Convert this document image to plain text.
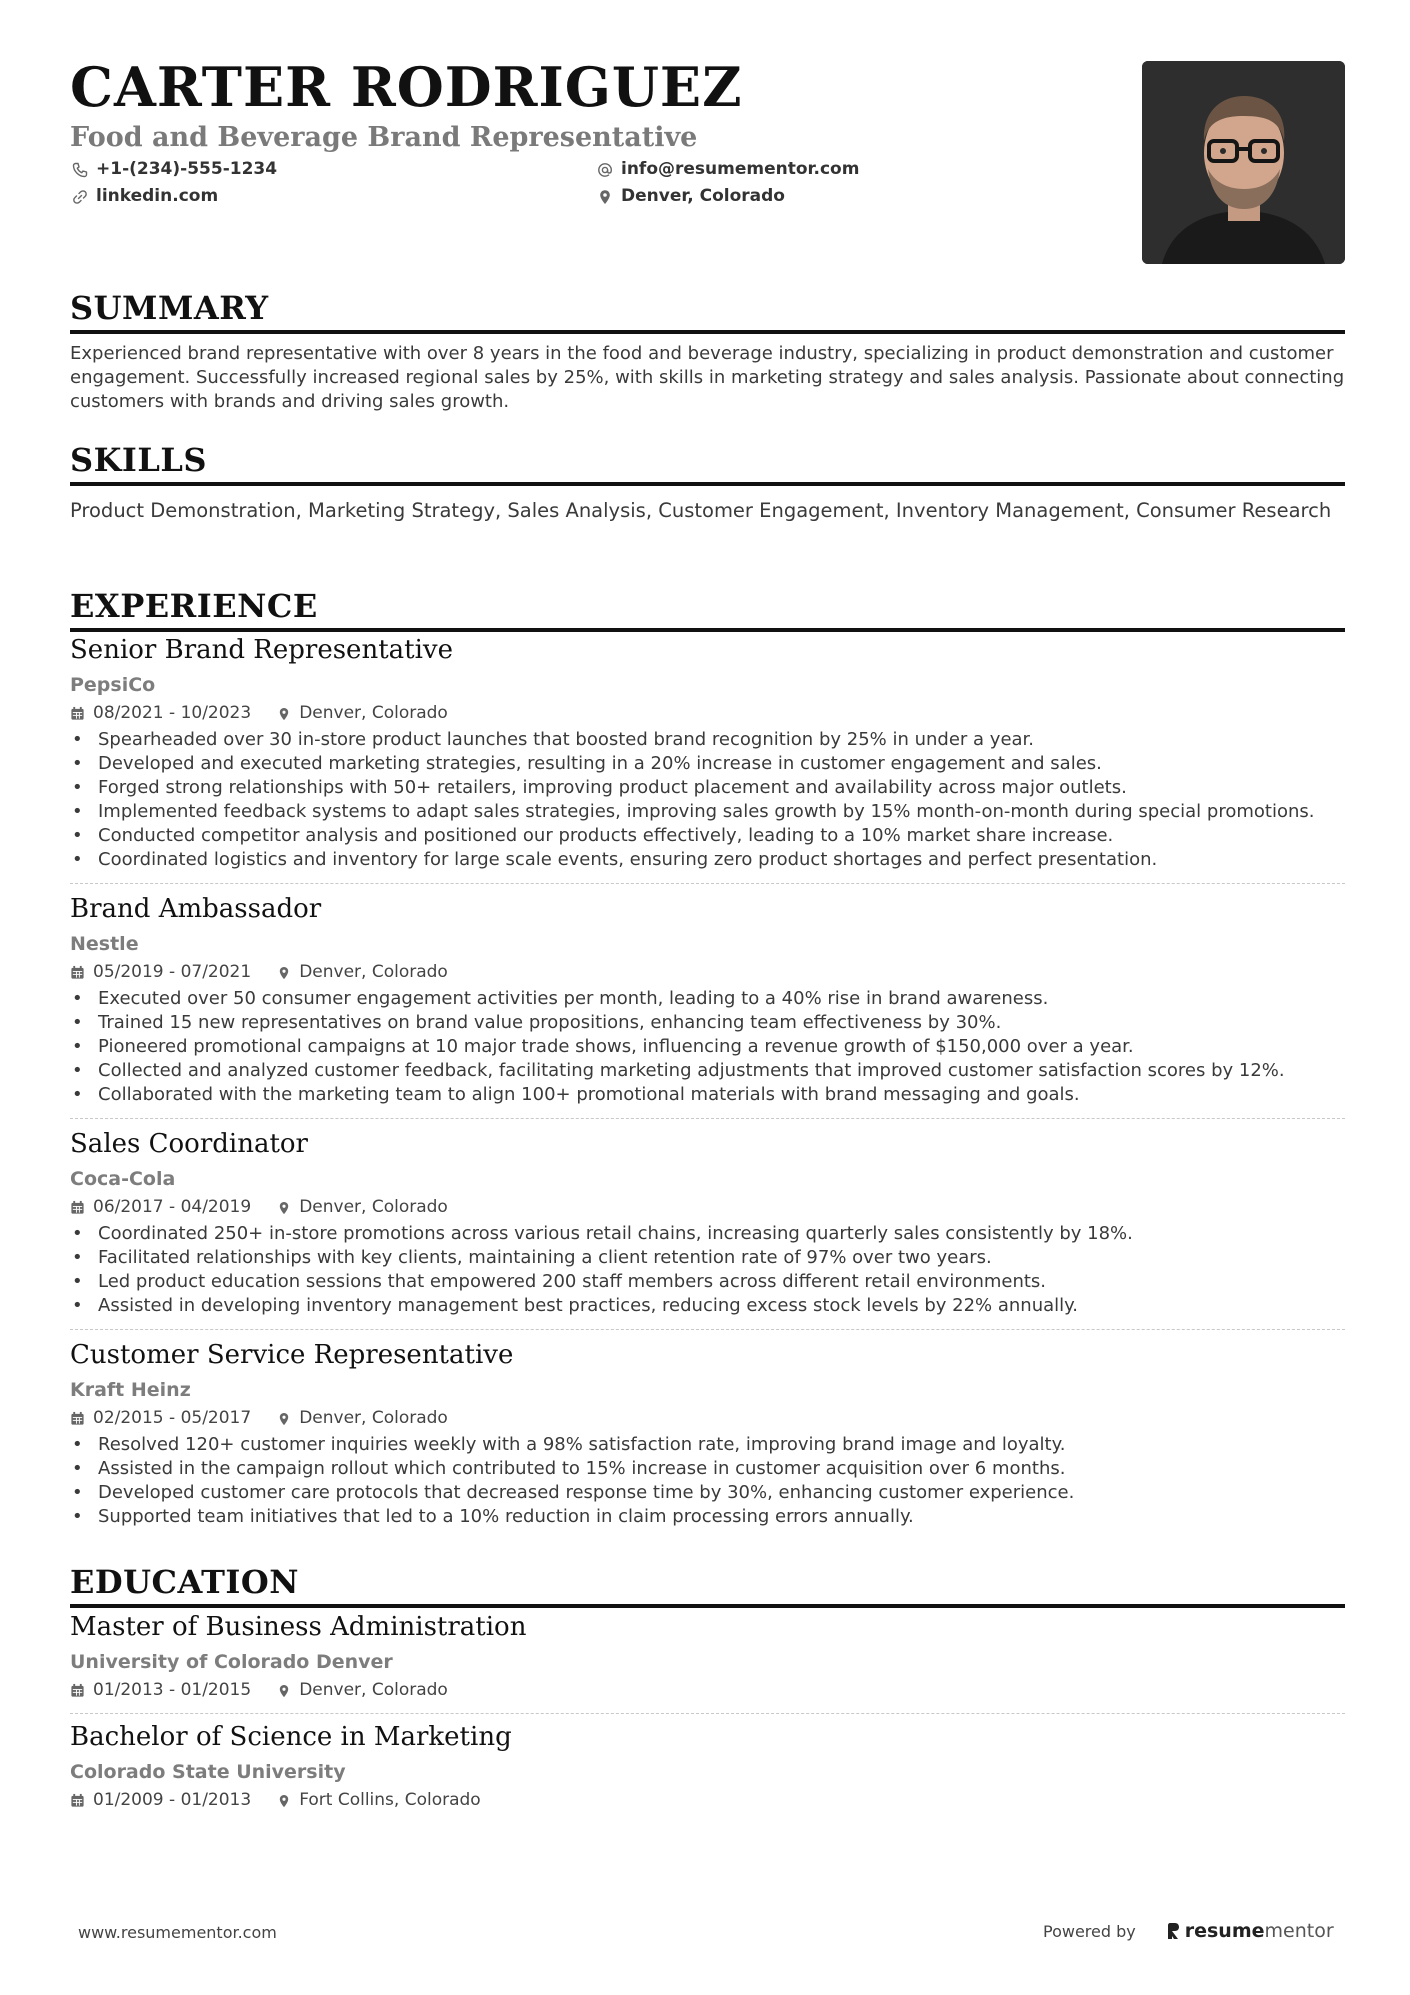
CARTER RODRIGUEZ
Food and Beverage Brand Representative
+1-(234)-555-1234
linkedin.com
info@resumementor.com
Denver, Colorado
SUMMARY
Experienced brand representative with over 8 years in the food and beverage industry, specializing in product demonstration and customer engagement. Successfully increased regional sales by 25%, with skills in marketing strategy and sales analysis. Passionate about connecting customers with brands and driving sales growth.
SKILLS
Product Demonstration, Marketing Strategy, Sales Analysis, Customer Engagement, Inventory Management, Consumer Research
EXPERIENCE
Senior Brand Representative
PepsiCo
08/2021 - 10/2023	Denver, Colorado
• Spearheaded over 30 in-store product launches that boosted brand recognition by 25% in under a year.
• Developed and executed marketing strategies, resulting in a 20% increase in customer engagement and sales.
• Forged strong relationships with 50+ retailers, improving product placement and availability across major outlets.
• Implemented feedback systems to adapt sales strategies, improving sales growth by 15% month-on-month during special promotions.
• Conducted competitor analysis and positioned our products effectively, leading to a 10% market share increase.
• Coordinated logistics and inventory for large scale events, ensuring zero product shortages and perfect presentation.
Brand Ambassador
Nestle
05/2019 - 07/2021	Denver, Colorado
• Executed over 50 consumer engagement activities per month, leading to a 40% rise in brand awareness.
• Trained 15 new representatives on brand value propositions, enhancing team effectiveness by 30%.
• Pioneered promotional campaigns at 10 major trade shows, influencing a revenue growth of $150,000 over a year.
• Collected and analyzed customer feedback, facilitating marketing adjustments that improved customer satisfaction scores by 12%.
• Collaborated with the marketing team to align 100+ promotional materials with brand messaging and goals.
Sales Coordinator
Coca-Cola
06/2017 - 04/2019	Denver, Colorado
• Coordinated 250+ in-store promotions across various retail chains, increasing quarterly sales consistently by 18%.
• Facilitated relationships with key clients, maintaining a client retention rate of 97% over two years.
• Led product education sessions that empowered 200 staff members across different retail environments.
• Assisted in developing inventory management best practices, reducing excess stock levels by 22% annually.
Customer Service Representative
Kraft Heinz
02/2015 - 05/2017	Denver, Colorado
• Resolved 120+ customer inquiries weekly with a 98% satisfaction rate, improving brand image and loyalty.
• Assisted in the campaign rollout which contributed to 15% increase in customer acquisition over 6 months.
• Developed customer care protocols that decreased response time by 30%, enhancing customer experience.
• Supported team initiatives that led to a 10% reduction in claim processing errors annually.
EDUCATION
Master of Business Administration
University of Colorado Denver
01/2013 - 01/2015	Denver, Colorado
Bachelor of Science in Marketing
Colorado State University
01/2009 - 01/2013	Fort Collins, Colorado
www.resumementor.com	Powered by	resume mentor
